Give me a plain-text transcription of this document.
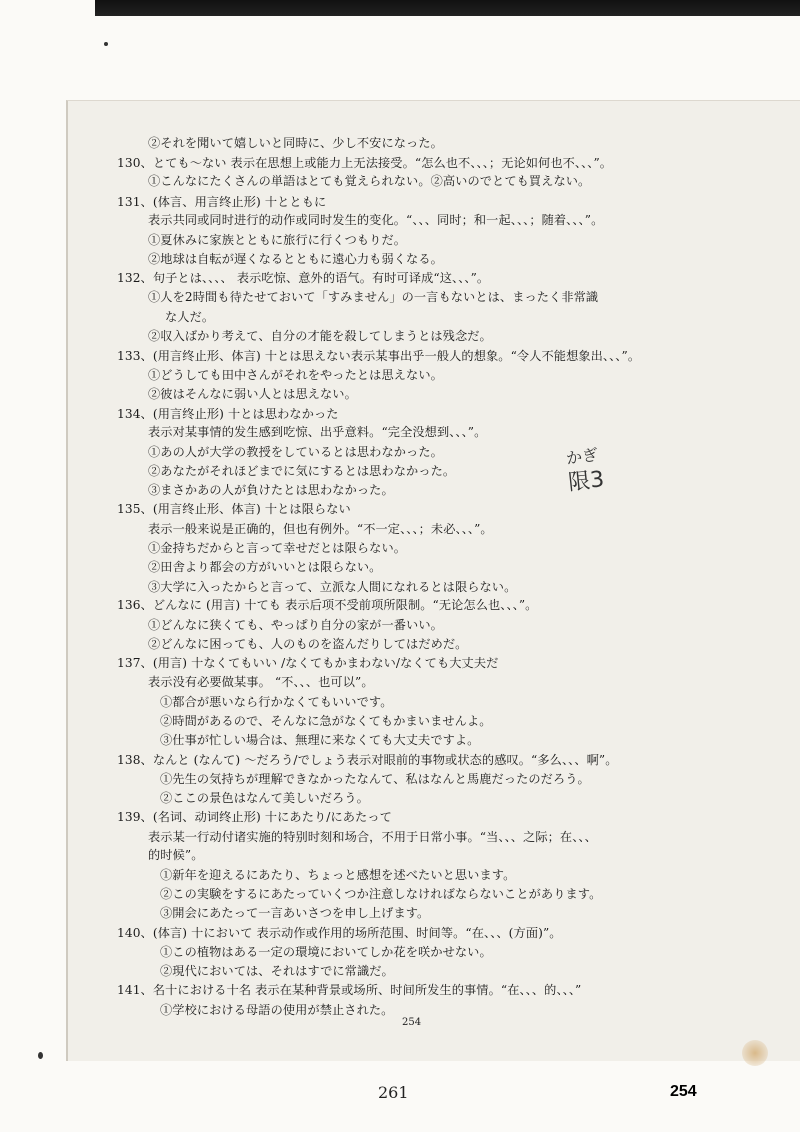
②それを聞いて嬉しいと同時に、少し不安になった。
130、とても～ない 表示在思想上或能力上无法接受。“怎么也不、、、；无论如何也不、、、”。
①こんなにたくさんの単語はとても覚えられない。②高いのでとても買えない。
131、(体言、用言终止形) 十とともに
表示共同或同时进行的动作或同时发生的变化。“、、、同时；和一起、、、；随着、、、”。
①夏休みに家族とともに旅行に行くつもりだ。
②地球は自転が遅くなるとともに遠心力も弱くなる。
132、句子とは、、、、 表示吃惊、意外的语气。有时可译成“这、、、”。
①人を2時間も待たせておいて「すみません」の一言もないとは、まったく非常識
な人だ。
②収入ばかり考えて、自分の才能を殺してしまうとは残念だ。
133、(用言终止形、体言) 十とは思えない表示某事出乎一般人的想象。“令人不能想象出、、、”。
①どうしても田中さんがそれをやったとは思えない。
②彼はそんなに弱い人とは思えない。
134、(用言终止形) 十とは思わなかった
表示对某事情的发生感到吃惊、出乎意料。“完全没想到、、、”。
①あの人が大学の教授をしているとは思わなかった。
②あなたがそれほどまでに気にするとは思わなかった。
③まさかあの人が負けたとは思わなかった。
135、(用言终止形、体言) 十とは限らない
表示一般来说是正确的，但也有例外。“不一定、、、；未必、、、”。
①金持ちだからと言って幸せだとは限らない。
②田舎より都会の方がいいとは限らない。
③大学に入ったからと言って、立派な人間になれるとは限らない。
136、どんなに (用言) 十ても 表示后项不受前项所限制。“无论怎么也、、、”。
①どんなに狭くても、やっぱり自分の家が一番いい。
②どんなに困っても、人のものを盗んだりしてはだめだ。
137、(用言) 十なくてもいい /なくてもかまわない/なくても大丈夫だ
表示没有必要做某事。 “不、、、也可以”。
①都合が悪いなら行かなくてもいいです。
②時間があるので、そんなに急がなくてもかまいませんよ。
③仕事が忙しい場合は、無理に来なくても大丈夫ですよ。
138、なんと (なんて) ～だろう/でしょう表示对眼前的事物或状态的感叹。“多么、、、啊”。
①先生の気持ちが理解できなかったなんて、私はなんと馬鹿だったのだろう。
②ここの景色はなんて美しいだろう。
139、(名词、动词终止形) 十にあたり/にあたって
表示某一行动付诸实施的特别时刻和场合，不用于日常小事。“当、、、之际；在、、、
的时候”。
①新年を迎えるにあたり、ちょっと感想を述べたいと思います。
②この実験をするにあたっていくつか注意しなければならないことがあります。
③開会にあたって一言あいさつを申し上げます。
140、(体言) 十において 表示动作或作用的场所范围、时间等。“在、、、(方面)”。
①この植物はある一定の環境においてしか花を咲かせない。
②現代においては、それはすでに常識だ。
141、名十における十名 表示在某种背景或场所、时间所发生的事情。“在、、、的、、、”
①学校における母語の使用が禁止された。
かぎ
限3
254
261	254
